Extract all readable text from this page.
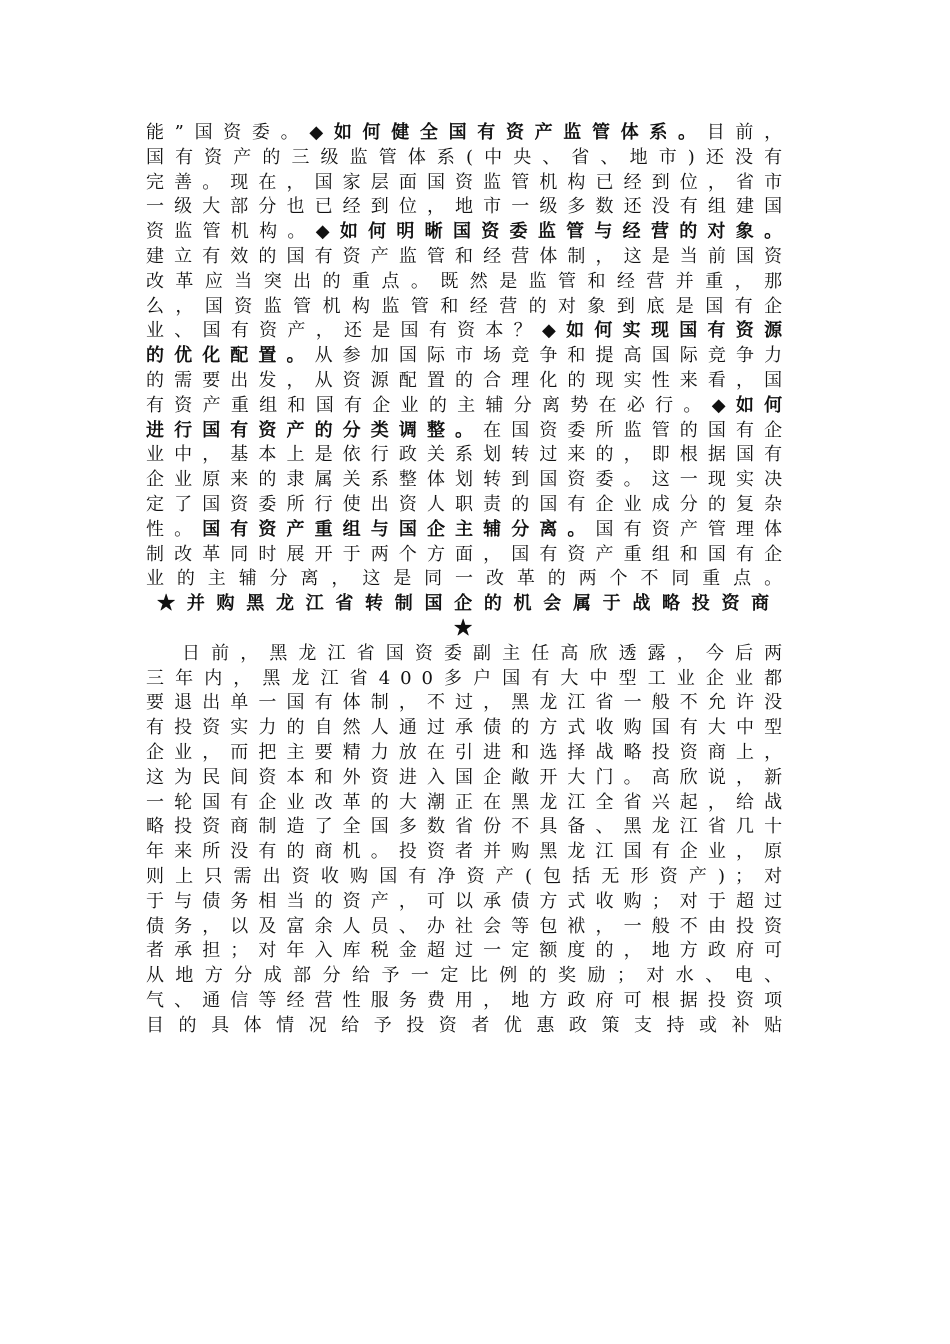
能”国资委。◆如何健全国有资产监管体系。目前，国有资产的三级监管体系(中央、省、地市)还没有完善。现在，国家层面国资监管机构已经到位，省市一级大部分也已经到位，地市一级多数还没有组建国资监管机构。◆如何明晰国资委监管与经营的对象。建立有效的国有资产监管和经营体制，这是当前国资改革应当突出的重点。既然是监管和经营并重，那么，国资监管机构监管和经营的对象到底是国有企业、国有资产，还是国有资本？◆如何实现国有资源的优化配置。从参加国际市场竞争和提高国际竞争力的需要出发，从资源配置的合理化的现实性来看，国有资产重组和国有企业的主辅分离势在必行。◆如何进行国有资产的分类调整。在国资委所监管的国有企业中，基本上是依行政关系划转过来的，即根据国有企业原来的隶属关系整体划转到国资委。这一现实决定了国资委所行使出资人职责的国有企业成分的复杂性。国有资产重组与国企主辅分离。国有资产管理体制改革同时展开于两个方面，国有资产重组和国有企业的主辅分离，这是同一改革的两个不同重点。

★并购黑龙江省转制国企的机会属于战略投资商★

日前，黑龙江省国资委副主任高欣透露，今后两三年内，黑龙江省400多户国有大中型工业企业都要退出单一国有体制，不过，黑龙江省一般不允许没有投资实力的自然人通过承债的方式收购国有大中型企业，而把主要精力放在引进和选择战略投资商上，这为民间资本和外资进入国企敞开大门。高欣说，新一轮国有企业改革的大潮正在黑龙江全省兴起，给战略投资商制造了全国多数省份不具备、黑龙江省几十年来所没有的商机。投资者并购黑龙江国有企业，原则上只需出资收购国有净资产(包括无形资产)；对于与债务相当的资产，可以承债方式收购；对于超过债务，以及富余人员、办社会等包袱，一般不由投资者承担；对年入库税金超过一定额度的，地方政府可从地方分成部分给予一定比例的奖励；对水、电、气、通信等经营性服务费用，地方政府可根据投资项目的具体情况给予投资者优惠政策支持或补贴
